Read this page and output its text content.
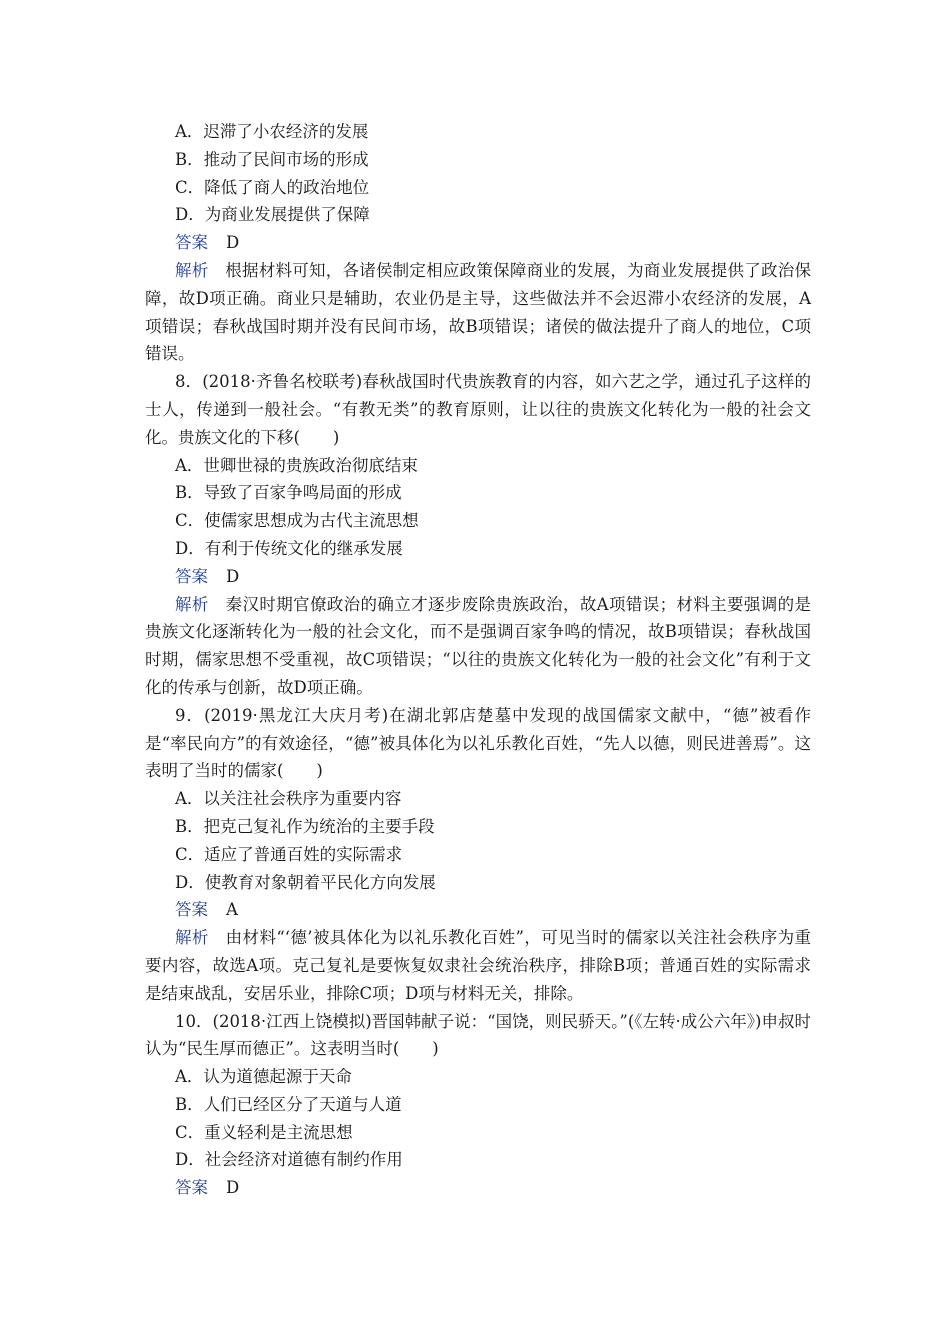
A．迟滞了小农经济的发展
B．推动了民间市场的形成
C．降低了商人的政治地位
D．为商业发展提供了保障
答案 D
解析　 根据材料可知，各诸侯制定相应政策保障商业的发展，为商业发展提供了政治保障，故D项正确。商业只是辅助，农业仍是主导，这些做法并不会迟滞小农经济的发展，A项错误；春秋战国时期并没有民间市场，故B项错误；诸侯的做法提升了商人的地位，C项错误。
8．(2018·齐鲁名校联考)春秋战国时代贵族教育的内容，如六艺之学，通过孔子这样的士人，传递到一般社会。“有教无类”的教育原则，让以往的贵族文化转化为一般的社会文化。贵族文化的下移(　　)
A．世卿世禄的贵族政治彻底结束
B．导致了百家争鸣局面的形成
C．使儒家思想成为古代主流思想
D．有利于传统文化的继承发展
答案 D
解析　 秦汉时期官僚政治的确立才逐步废除贵族政治，故A项错误；材料主要强调的是贵族文化逐渐转化为一般的社会文化，而不是强调百家争鸣的情况，故B项错误；春秋战国时期，儒家思想不受重视，故C项错误；“以往的贵族文化转化为一般的社会文化”有利于文化的传承与创新，故D项正确。
9．(2019·黑龙江大庆月考)在湖北郭店楚墓中发现的战国儒家文献中，“德”被看作是“率民向方”的有效途径，“德”被具体化为以礼乐教化百姓，“先人以德，则民进善焉”。这表明了当时的儒家(　　)
A．以关注社会秩序为重要内容
B．把克己复礼作为统治的主要手段
C．适应了普通百姓的实际需求
D．使教育对象朝着平民化方向发展
答案 A
解析　 由材料“‘德’被具体化为以礼乐教化百姓”，可见当时的儒家以关注社会秩序为重要内容，故选A项。克己复礼是要恢复奴隶社会统治秩序，排除B项；普通百姓的实际需求是结束战乱，安居乐业，排除C项；D项与材料无关，排除。
10．(2018·江西上饶模拟)晋国韩献子说：“国饶，则民骄天。”(《左转·成公六年》)申叔时认为“民生厚而德正”。这表明当时(　　)
A．认为道德起源于天命
B．人们已经区分了天道与人道
C．重义轻利是主流思想
D．社会经济对道德有制约作用
答案 D
